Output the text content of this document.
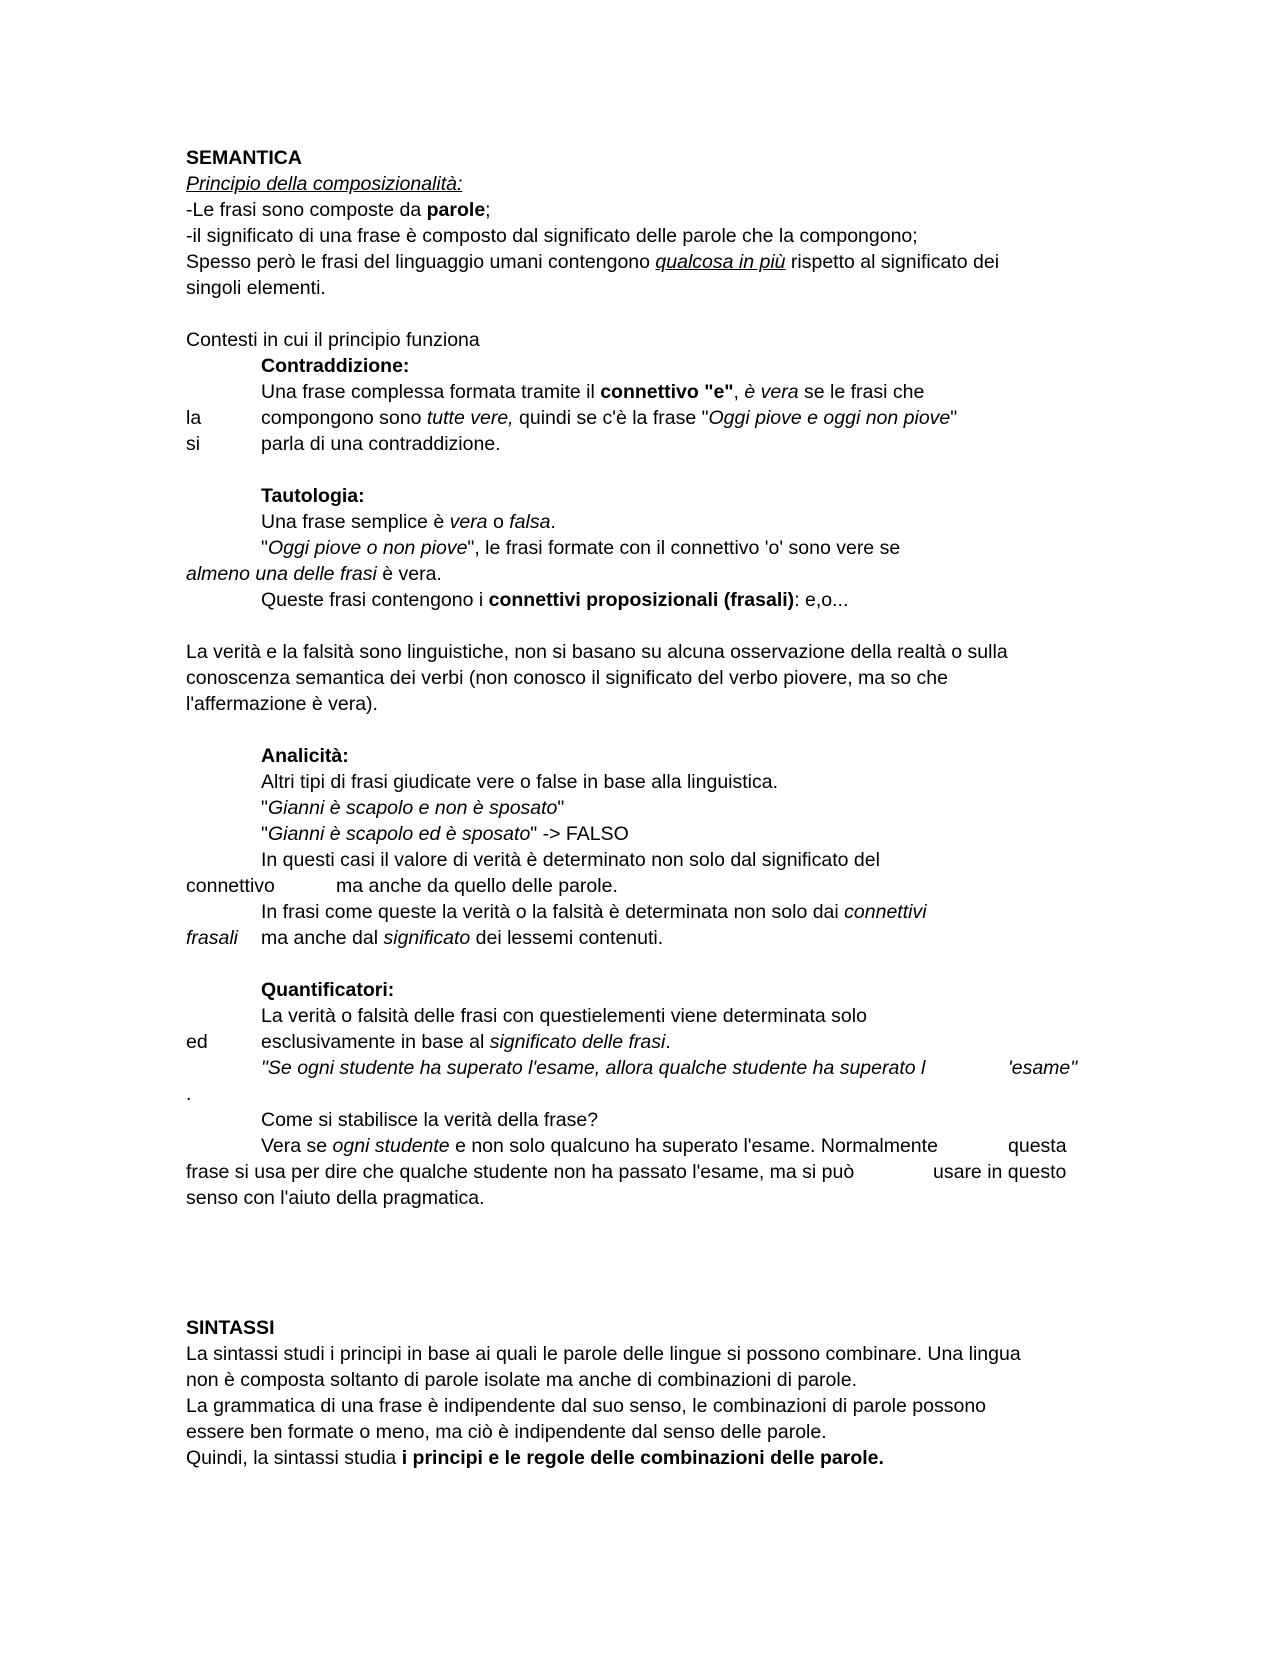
SEMANTICA
Principio della composizionalità:
-Le frasi sono composte da parole;
-il significato di una frase è composto dal significato delle parole che la compongono;
Spesso però le frasi del linguaggio umani contengono qualcosa in più rispetto al significato dei
singoli elementi.
Contesti in cui il principio funziona
Contraddizione:
Una frase complessa formata tramite il connettivo "e", è vera se le frasi che
la	compongono sono tutte vere, quindi se c'è la frase "Oggi piove e oggi non piove"
si	parla di una contraddizione.
Tautologia:
Una frase semplice è vera o falsa.
"Oggi piove o non piove", le frasi formate con il connettivo 'o' sono vere se
almeno una delle frasi è vera.
Queste frasi contengono i connettivi proposizionali (frasali): e,o...
La verità e la falsità sono linguistiche, non si basano su alcuna osservazione della realtà o sulla
conoscenza semantica dei verbi (non conosco il significato del verbo piovere, ma so che
l'affermazione è vera).
Analicità:
Altri tipi di frasi giudicate vere o false in base alla linguistica.
"Gianni è scapolo e non è sposato"
"Gianni è scapolo ed è sposato" -> FALSO
In questi casi il valore di verità è determinato non solo dal significato del
connettivo	ma anche da quello delle parole.
In frasi come queste la verità o la falsità è determinata non solo dai connettivi
frasali ma anche dal significato dei lessemi contenuti.
Quantificatori:
La verità o falsità delle frasi con questielementi viene determinata solo
ed	esclusivamente in base al significato delle frasi.
"Se ogni studente ha superato l'esame, allora qualche studente ha superato l	'esame"
.
Come si stabilisce la verità della frase?
Vera se ogni studente e non solo qualcuno ha superato l'esame. Normalmente	questa
frase si usa per dire che qualche studente non ha passato l'esame, ma si può	usare in questo
senso con l'aiuto della pragmatica.
SINTASSI
La sintassi studi i principi in base ai quali le parole delle lingue si possono combinare. Una lingua
non è composta soltanto di parole isolate ma anche di combinazioni di parole.
La grammatica di una frase è indipendente dal suo senso, le combinazioni di parole possono
essere ben formate o meno, ma ciò è indipendente dal senso delle parole.
Quindi, la sintassi studia i principi e le regole delle combinazioni delle parole.
